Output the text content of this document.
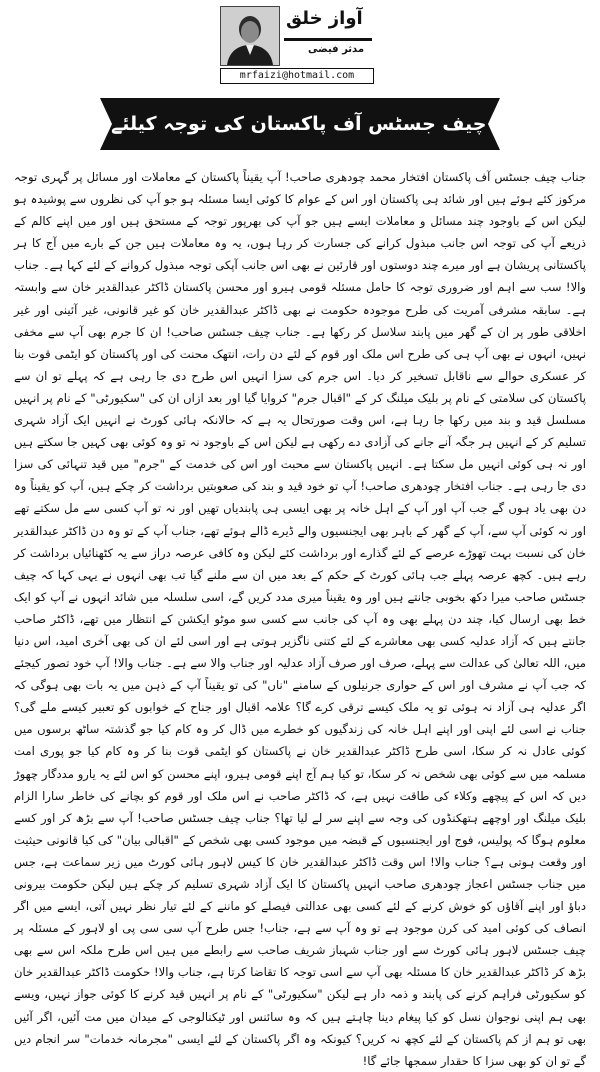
آواز خلق
مدثر فیضی
mrfaizi@hotmail.com
جناب چیف جسٹس آف پاکستان کی توجہ کیلئے......!
جناب چیف جسٹس آف پاکستان افتخار محمد چودھری صاحب! آپ یقیناً پاکستان کے معاملات اور مسائل پر گہری توجہ مرکوز کئے ہوئے ہیں اور شائد ہی پاکستان اور اس کے عوام کا کوئی ایسا مسئلہ ہو جو آپ کی نظروں سے پوشیدہ ہو لیکن اس کے باوجود چند مسائل و معاملات ایسے ہیں جو آپ کی بھرپور توجہ کے مستحق ہیں اور میں اپنے کالم کے ذریعے آپ کی توجہ اس جانب مبذول کرانے کی جسارت کر رہا ہوں، یہ وہ معاملات ہیں جن کے بارے میں آج کا ہر پاکستانی پریشان ہے اور میرے چند دوستوں اور قارئین نے بھی اس جانب آپکی توجہ مبذول کروانے کے لئے کہا ہے۔ جناب والا! سب سے اہم اور ضروری توجہ کا حامل مسئلہ قومی ہیرو اور محسن پاکستان ڈاکٹر عبدالقدیر خان سے وابستہ ہے۔ سابقہ مشرفی آمریت کی طرح موجودہ حکومت نے بھی ڈاکٹر عبدالقدیر خان کو غیر قانونی، غیر آئینی اور غیر اخلاقی طور پر ان کے گھر میں پابند سلاسل کر رکھا ہے۔ جناب چیف جسٹس صاحب! ان کا جرم بھی آپ سے مخفی نہیں، انہوں نے بھی آپ ہی کی طرح اس ملک اور قوم کے لئے دن رات، انتھک محنت کی اور پاکستان کو ایٹمی قوت بنا کر عسکری حوالے سے ناقابل تسخیر کر دیا۔ اس جرم کی سزا انہیں اس طرح دی جا رہی ہے کہ پہلے تو ان سے پاکستان کی سلامتی کے نام پر بلیک میلنگ کر کے "اقبال جرم" کروایا گیا اور بعد ازاں ان کی "سکیورٹی" کے نام پر انہیں مسلسل قید و بند میں رکھا جا رہا ہے، اس وقت صورتحال یہ ہے کہ حالانکہ ہائی کورٹ نے انہیں ایک آزاد شہری تسلیم کر کے انہیں ہر جگہ آنے جانے کی آزادی دے رکھی ہے لیکن اس کے باوجود نہ تو وہ کوئی بھی کہیں جا سکتے ہیں اور نہ ہی کوئی انہیں مل سکتا ہے۔ انہیں پاکستان سے محبت اور اس کی خدمت کے "جرم" میں قید تنہائی کی سزا دی جا رہی ہے۔ جناب افتخار چودھری صاحب! آپ تو خود قید و بند کی صعوبتیں برداشت کر چکے ہیں، آپ کو یقیناً وہ دن بھی یاد ہوں گے جب آپ اور آپ کے اہل خانہ پر بھی ایسی ہی پابندیاں تھیں اور نہ تو آپ کسی سے مل سکتے تھے اور نہ کوئی آپ سے، آپ کے گھر کے باہر بھی ایجنسیوں والے ڈیرے ڈالے ہوئے تھے، جناب آپ کے تو وہ دن ڈاکٹر عبدالقدیر خان کی نسبت بہت تھوڑے عرصے کے لئے گذارے اور برداشت کئے لیکن وہ کافی عرصہ دراز سے یہ کٹھنائیاں برداشت کر رہے ہیں۔ کچھ عرصہ پہلے جب ہائی کورٹ کے حکم کے بعد میں ان سے ملنے گیا تب بھی انہوں نے یہی کہا کہ چیف جسٹس صاحب میرا دکھ بخوبی جانتے ہیں اور وہ یقیناً میری مدد کریں گے، اسی سلسلہ میں شائد انہوں نے آپ کو ایک خط بھی ارسال کیا، چند دن پہلے بھی وہ آپ کی جانب سے کسی سو موٹو ایکشن کے انتظار میں تھے، ڈاکٹر صاحب جانتے ہیں کہ آزاد عدلیہ کسی بھی معاشرے کے لئے کتنی ناگزیر ہوتی ہے اور اسی لئے ان کی بھی آخری امید، اس دنیا میں، اللہ تعالیٰ کی عدالت سے پہلے، صرف اور صرف آزاد عدلیہ اور جناب والا سے ہے۔ جناب والا! آپ خود تصور کیجئے کہ جب آپ نے مشرف اور اس کے حواری جرنیلوں کے سامنے "ناں" کی تو یقیناً آپ کے ذہن میں یہ بات بھی ہوگی کہ اگر عدلیہ ہی آزاد نہ ہوئی تو یہ ملک کیسے ترقی کرے گا؟ علامہ اقبال اور جناح کے خوابوں کو تعبیر کیسے ملے گی؟ جناب نے اسی لئے اپنی اور اپنے اہل خانہ کی زندگیوں کو خطرے میں ڈال کر وہ کام کیا جو گذشتہ ساٹھ برسوں میں کوئی عادل نہ کر سکا، اسی طرح ڈاکٹر عبدالقدیر خان نے پاکستان کو ایٹمی قوت بنا کر وہ کام کیا جو پوری امت مسلمہ میں سے کوئی بھی شخص نہ کر سکا، تو کیا ہم آج اپنے قومی ہیرو، اپنے محسن کو اس لئے یہ یارو مددگار چھوڑ دیں کہ اس کے پیچھے وکلاء کی طاقت نہیں ہے، کہ ڈاکٹر صاحب نے اس ملک اور قوم کو بچانے کی خاطر سارا الزام بلیک میلنگ اور اوچھے ہتھکنڈوں کی وجہ سے اپنے سر لے لیا تھا؟ جناب چیف جسٹس صاحب! آپ سے بڑھ کر اور کسے معلوم ہوگا کہ پولیس، فوج اور ایجنسیوں کے قبضہ میں موجود کسی بھی شخص کے "اقبالی بیان" کی کیا قانونی حیثیت اور وقعت ہوتی ہے؟ جناب والا! اس وقت ڈاکٹر عبدالقدیر خان کا کیس لاہور ہائی کورٹ میں زیر سماعت ہے، جس میں جناب جسٹس اعجاز چودھری صاحب انہیں پاکستان کا ایک آزاد شہری تسلیم کر چکے ہیں لیکن حکومت بیرونی دباؤ اور اپنے آقاؤں کو خوش کرنے کے لئے کسی بھی عدالتی فیصلے کو ماننے کے لئے تیار نظر نہیں آتی، ایسے میں اگر انصاف کی کوئی امید کی کرن موجود ہے تو وہ آپ سے ہے، جناب! جس طرح آپ سی سی پی او لاہور کے مسئلہ پر چیف جسٹس لاہور ہائی کورٹ سے اور جناب شہباز شریف صاحب سے رابطے میں ہیں اس طرح ملکہ اس سے بھی بڑھ کر ڈاکٹر عبدالقدیر خان کا مسئلہ بھی آپ سے اسی توجہ کا تقاضا کرتا ہے، جناب والا! حکومت ڈاکٹر عبدالقدیر خان کو سکیورٹی فراہم کرنے کی پابند و ذمہ دار ہے لیکن "سکیورٹی" کے نام پر انہیں قید کرنے کا کوئی جواز نہیں، ویسے بھی ہم اپنی نوجوان نسل کو کیا پیغام دینا چاہتے ہیں کہ وہ سائنس اور ٹیکنالوجی کے میدان میں مت آئیں، اگر آئیں بھی تو ہم از کم پاکستان کے لئے کچھ نہ کریں؟ کیونکہ وہ اگر پاکستان کے لئے ایسی "مجرمانہ خدمات" سر انجام دیں گے تو ان کو بھی سزا کا حقدار سمجھا جائے گا!
